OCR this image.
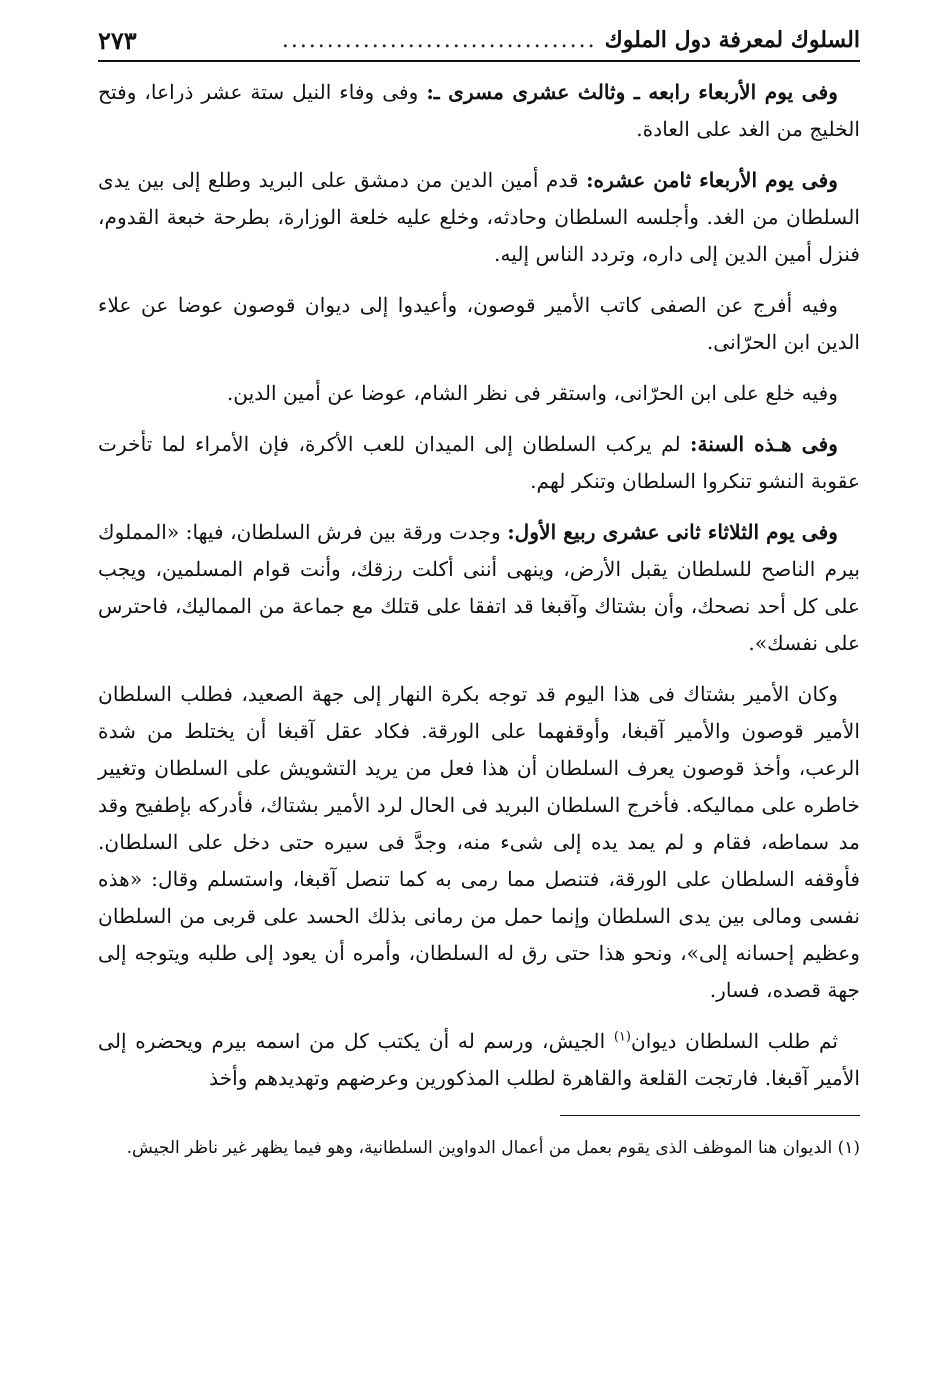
السلوك لمعرفة دول الملوك
...................................
٢٧٣

وفى يوم الأربعاء رابعه ـ وثالث عشرى مسرى ـ: وفى وفاء النيل ستة عشر ذراعا، وفتح الخليج من الغد على العادة.

وفى يوم الأربعاء ثامن عشره: قدم أمين الدين من دمشق على البريد وطلع إلى بين يدى السلطان من الغد. وأجلسه السلطان وحادثه، وخلع عليه خلعة الوزارة، بطرحة خبعة القدوم، فنزل أمين الدين إلى داره، وتردد الناس إليه.

وفيه أفرج عن الصفى كاتب الأمير قوصون، وأعيدوا إلى ديوان قوصون عوضا عن علاء الدين ابن الحرّانى.

وفيه خلع على ابن الحرّانى، واستقر فى نظر الشام، عوضا عن أمين الدين.

وفى هـذه السنة: لم يركب السلطان إلى الميدان للعب الأكرة، فإن الأمراء لما تأخرت عقوبة النشو تنكروا السلطان وتنكر لهم.

وفى يوم الثلاثاء ثانى عشرى ربيع الأول: وجدت ورقة بين فرش السلطان، فيها: «المملوك بيرم الناصح للسلطان يقبل الأرض، وينهى أننى أكلت رزقك، وأنت قوام المسلمين، ويجب على كل أحد نصحك، وأن بشتاك وآقبغا قد اتفقا على قتلك مع جماعة من المماليك، فاحترس على نفسك».

وكان الأمير بشتاك فى هذا اليوم قد توجه بكرة النهار إلى جهة الصعيد، فطلب السلطان الأمير قوصون والأمير آقبغا، وأوقفهما على الورقة. فكاد عقل آقبغا أن يختلط من شدة الرعب، وأخذ قوصون يعرف السلطان أن هذا فعل من يريد التشويش على السلطان وتغيير خاطره على مماليكه. فأخرج السلطان البريد فى الحال لرد الأمير بشتاك، فأدركه بإطفيح وقد مد سماطه، فقام و لم يمد يده إلى شىء منه، وجدَّ فى سيره حتى دخل على السلطان. فأوقفه السلطان على الورقة، فتنصل مما رمى به كما تنصل آقبغا، واستسلم وقال: «هذه نفسى ومالى بين يدى السلطان وإنما حمل من رمانى بذلك الحسد على قربى من السلطان وعظيم إحسانه إلى»، ونحو هذا حتى رق له السلطان، وأمره أن يعود إلى طلبه ويتوجه إلى جهة قصده، فسار.

ثم طلب السلطان ديوان$^{(١)}$ الجيش، ورسم له أن يكتب كل من اسمه بيرم ويحضره إلى الأمير آقبغا. فارتجت القلعة والقاهرة لطلب المذكورين وعرضهم وتهديدهم وأخذ

(١) الديوان هنا الموظف الذى يقوم بعمل من أعمال الدواوين السلطانية، وهو فيما يظهر غير ناظر الجيش.
